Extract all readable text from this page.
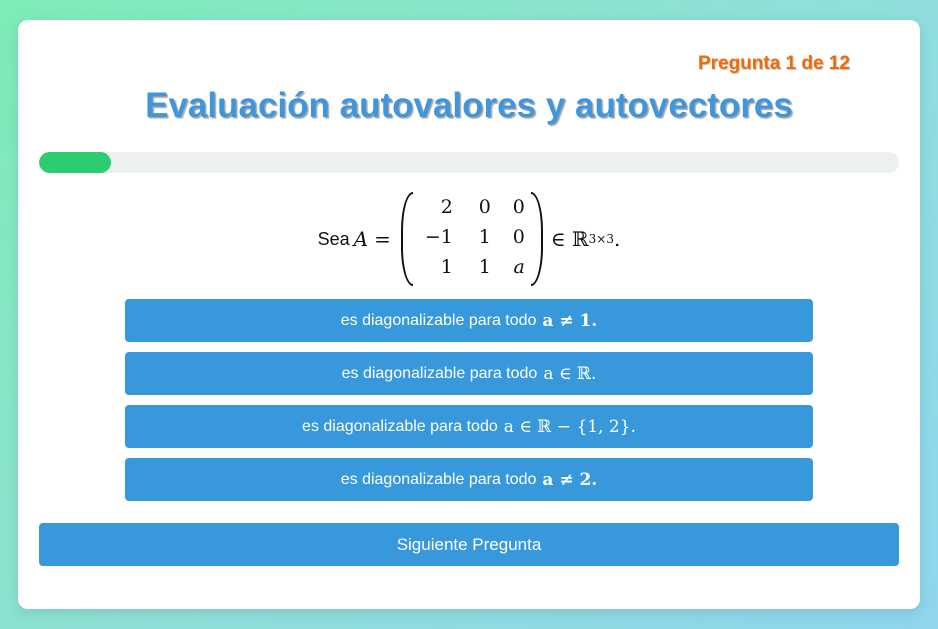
Pregunta 1 de 12
Evaluación autovalores y autovectores
Sea A =
2 0 0
−1 1 0
1 1 a
∈ ℝ 3×3 .
es diagonalizable para todo a ≠ 1.
es diagonalizable para todo a ∈ ℝ.
es diagonalizable para todo a ∈ ℝ − {1, 2}.
es diagonalizable para todo a ≠ 2.
Siguiente Pregunta
